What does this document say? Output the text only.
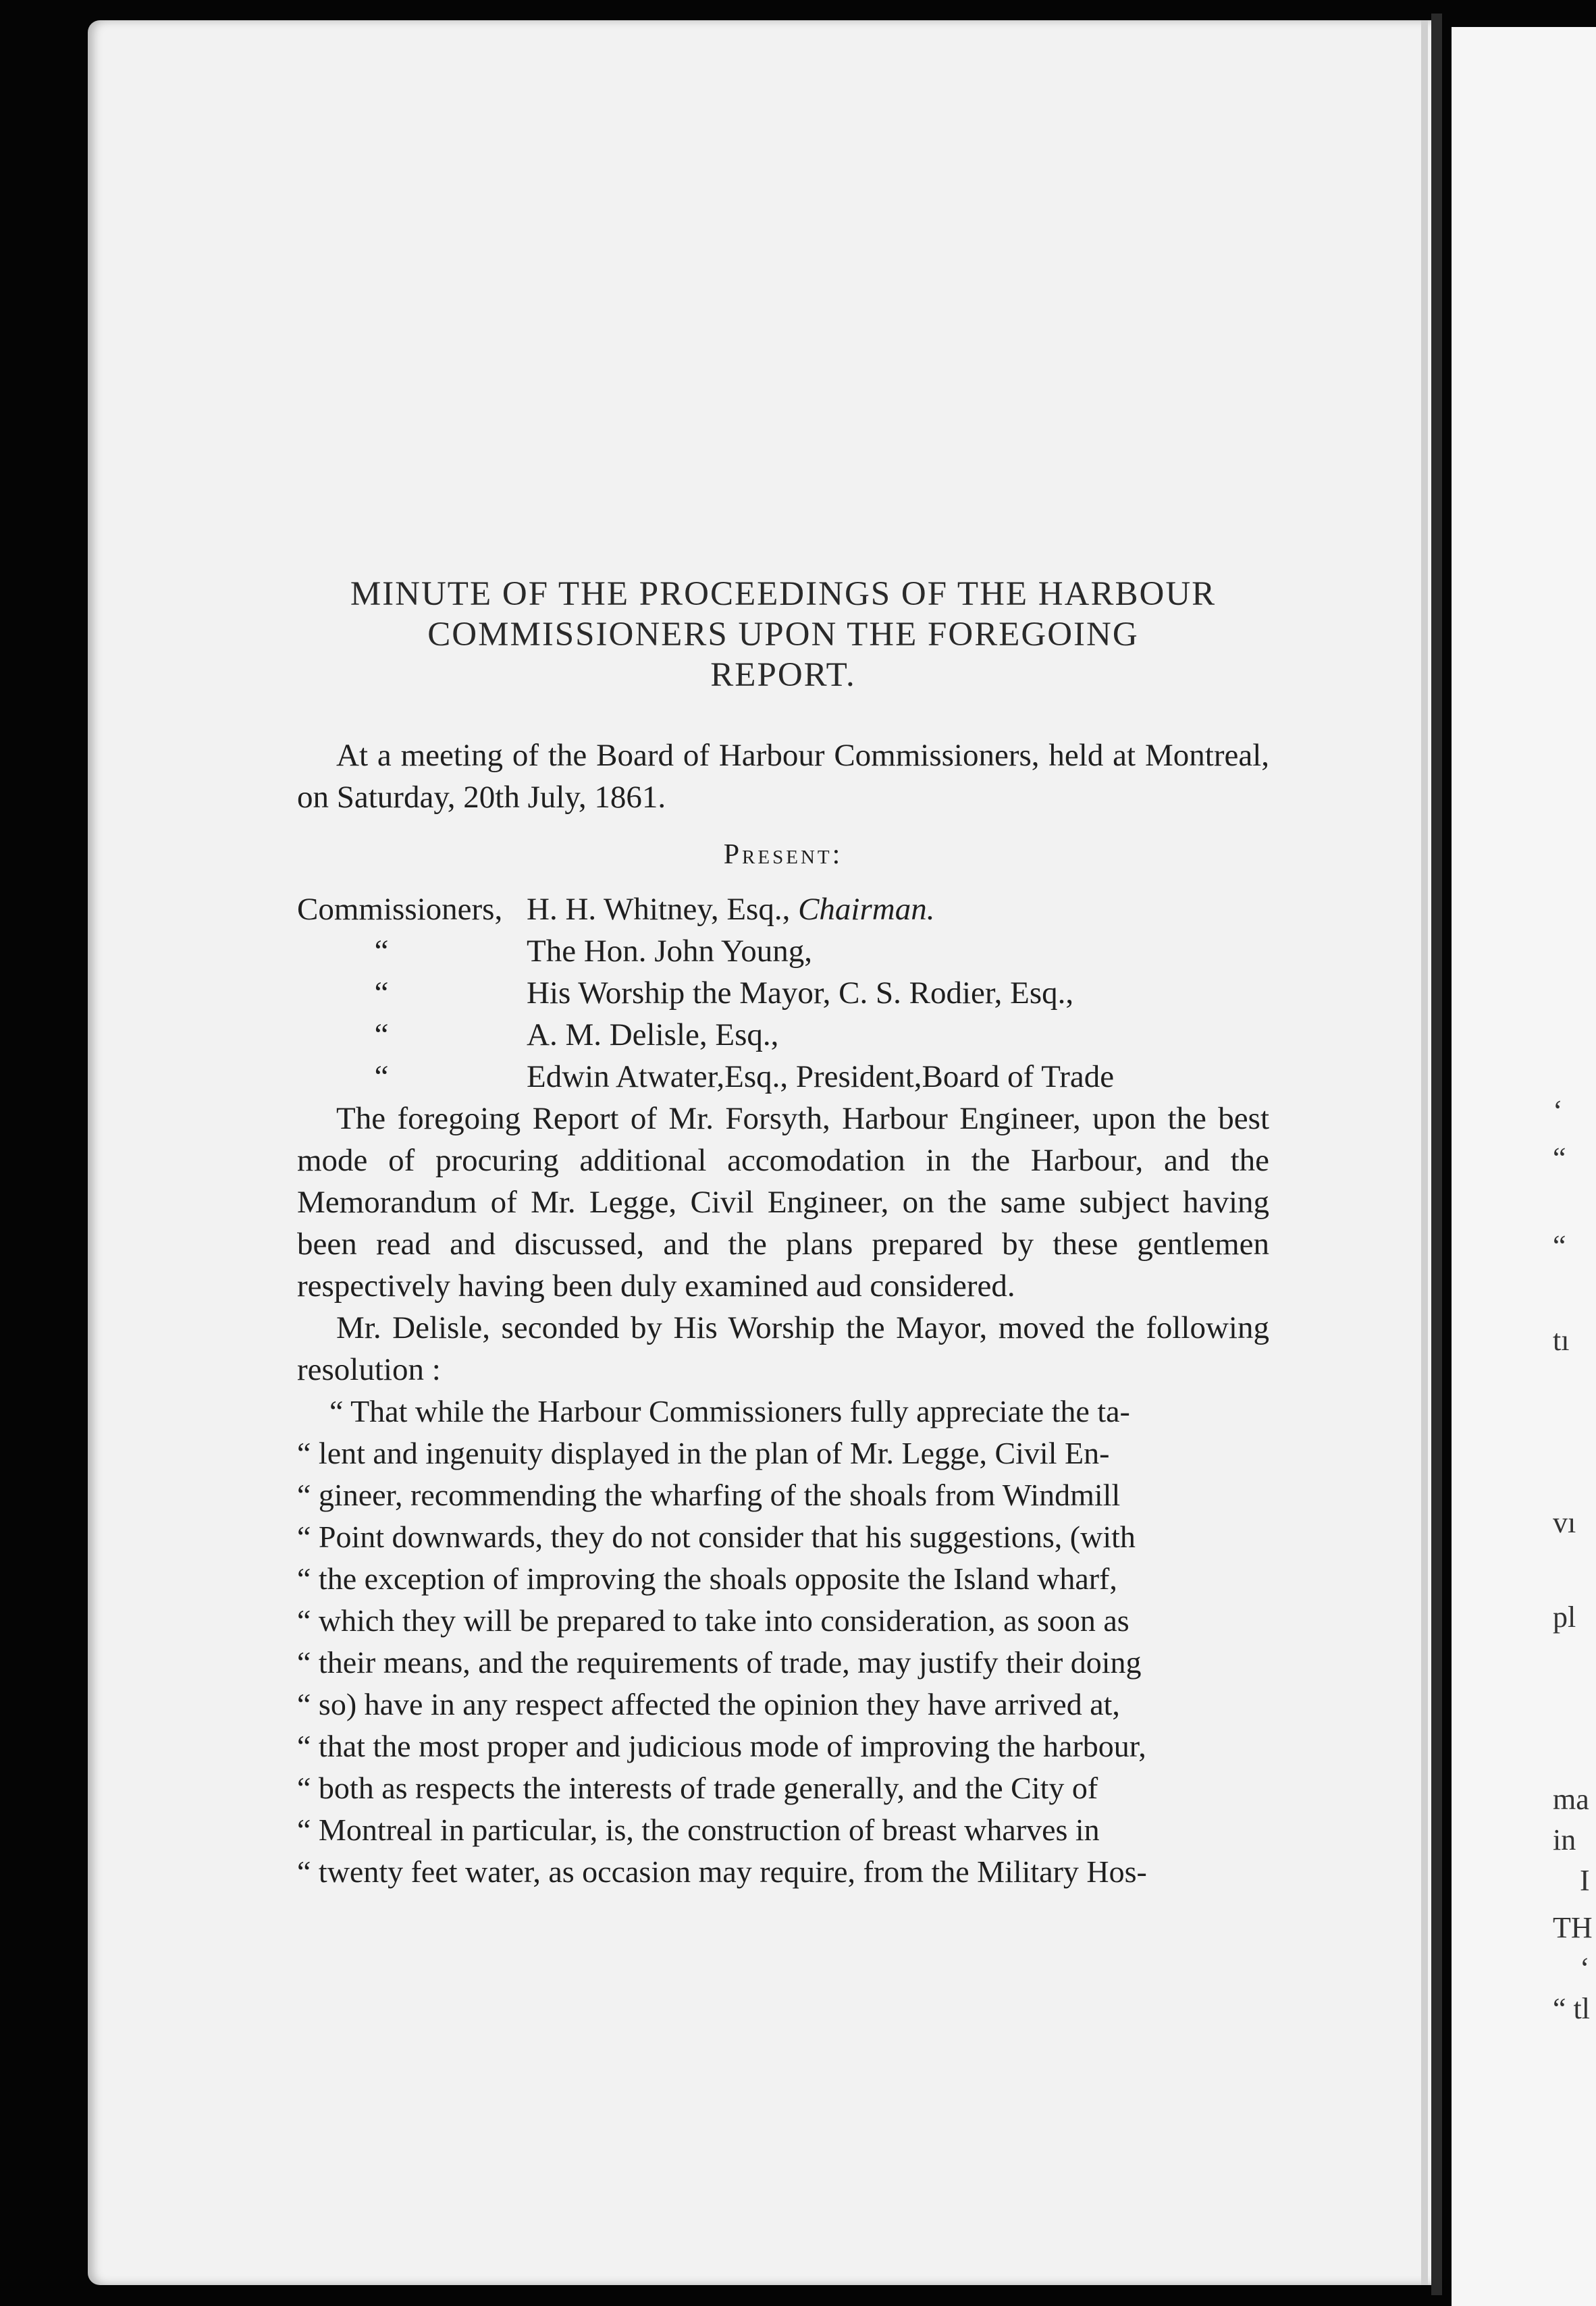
‘
“
“
tı
vı
pl
ma
in
I
TH
‘
“ tl
MINUTE OF THE PROCEEDINGS OF THE HARBOUR
COMMISSIONERS UPON THE FOREGOING
REPORT.

At a meeting of the Board of Harbour Commissioners, held at Montreal, on Saturday, 20th July, 1861.

Present:
Commissioners, H. H. Whitney, Esq., Chairman.
“	The Hon. John Young,
“	His Worship the Mayor, C. S. Rodier, Esq.,
“	A. M. Delisle, Esq.,
“	Edwin Atwater,Esq., President,Board of Trade

The foregoing Report of Mr. Forsyth, Harbour Engineer, upon the best mode of procuring additional accomodation in the Harbour, and the Memorandum of Mr. Legge, Civil Engineer, on the same subject having been read and discussed, and the plans prepared by these gentlemen respectively having been duly examined aud considered.

Mr. Delisle, seconded by His Worship the Mayor, moved the following resolution :

“ That while the Harbour Commissioners fully appreciate the ta-
“ lent and ingenuity displayed in the plan of Mr. Legge, Civil En-
“ gineer, recommending the wharfing of the shoals from Windmill
“ Point downwards, they do not consider that his suggestions, (with
“ the exception of improving the shoals opposite the Island wharf,
“ which they will be prepared to take into consideration, as soon as
“ their means, and the requirements of trade, may justify their doing
“ so) have in any respect affected the opinion they have arrived at,
“ that the most proper and judicious mode of improving the harbour,
“ both as respects the interests of trade generally, and the City of
“ Montreal in particular, is, the construction of breast wharves in
“ twenty feet water, as occasion may require, from the Military Hos-
